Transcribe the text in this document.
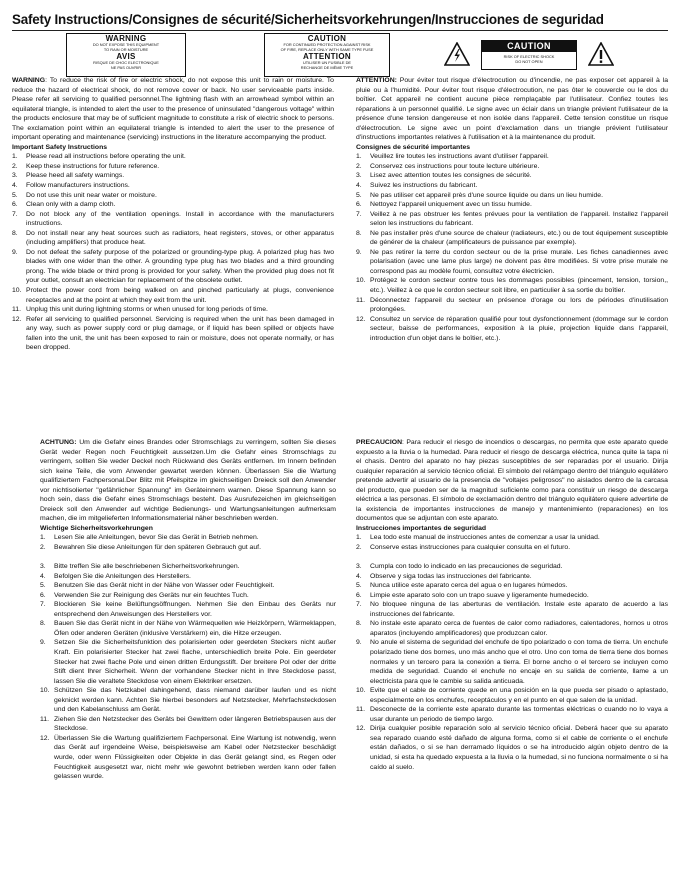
Safety Instructions/Consignes de sécurité/Sicherheitsvorkehrungen/Instrucciones de seguridad
WARNING
DO NOT EXPOSE THIS EQUIPMENT
TO RAIN OR MOISTURE
AVIS
RISQUE DE CHOC ELECTRONIQUE
NE PAS OUVRIR
CAUTION
FOR CONTINUED PROTECTION AGAINST RISK
OF FIRE, REPLACE ONLY WITH SAME TYPE FUSE
ATTENTION
UTILISER UN FUSIBLE DE
RECHANGE DE MÊME TYPE
CAUTION
RISK OF ELECTRIC SHOCK
DO NOT OPEN

WARNING: To reduce the risk of fire or electric shock, do not expose this unit to rain or moisture. To reduce the hazard of electrical shock, do not remove cover or back. No user serviceable parts inside. Please refer all servicing to qualified personnel.The lightning flash with an arrowhead symbol within an equilateral triangle, is intended to alert the user to the presence of uninsulated "dangerous voltage" within the products enclosure that may be of sufficient magnitude to constitute a risk of electric shock to persons. The exclamation point within an equilateral triangle is intended to alert the user to the presence of important operating and maintenance (servicing) instructions in the literature accompanying the product.

Important Safety Instructions

1. Please read all instructions before operating the unit.
2. Keep these instructions for future reference.
3. Please heed all safety warnings.
4. Follow manufacturers instructions.
5. Do not use this unit near water or moisture.
6. Clean only with a damp cloth.
7. Do not block any of the ventilation openings. Install in accordance with the manufacturers instructions.
8. Do not install near any heat sources such as radiators, heat registers, stoves, or other apparatus (including amplifiers) that produce heat.
9. Do not defeat the safety purpose of the polarized or grounding-type plug. A polarized plug has two blades with one wider than the other. A grounding type plug has two blades and a third grounding prong. The wide blade or third prong is provided for your safety. When the provided plug does not fit your outlet, consult an electrician for replacement of the obsolete outlet.
10. Protect the power cord from being walked on and pinched particularly at plugs, convenience receptacles and at the point at which they exit from the unit.
11. Unplug this unit during lightning storms or when unused for long periods of time.
12. Refer all servicing to qualified personnel. Servicing is required when the unit has been damaged in any way, such as power supply cord or plug damage, or if liquid has been spilled or objects have fallen into the unit, the unit has been exposed to rain or moisture, does not operate normally, or has been dropped.

ATTENTION: Pour éviter tout risque d'électrocution ou d'incendie, ne pas exposer cet appareil à la pluie ou à l'humidité. Pour éviter tout risque d'électrocution, ne pas ôter le couvercle ou le dos du boîtier. Cet appareil ne contient aucune pièce remplaçable par l'utilisateur. Confiez toutes les réparations à un personnel qualifié. Le signe avec un éclair dans un triangle prévient l'utilisateur de la présence d'une tension dangereuse et non isolée dans l'appareil. Cette tension constitue un risque d'électrocution. Le signe avec un point d'exclamation dans un triangle prévient l'utilisateur d'instructions importantes relatives à l'utilisation et à la maintenance du produit.

Consignes de sécurité importantes

1. Veuillez lire toutes les instructions avant d'utiliser l'appareil.
2. Conservez ces instructions pour toute lecture ultérieure.
3. Lisez avec attention toutes les consignes de sécurité.
4. Suivez les instructions du fabricant.
5. Ne pas utiliser cet appareil près d'une source liquide ou dans un lieu humide.
6. Nettoyez l'appareil uniquement avec un tissu humide.
7. Veillez à ne pas obstruer les fentes prévues pour la ventilation de l'appareil. Installez l'appareil selon les instructions du fabricant.
8. Ne pas installer près d'une source de chaleur (radiateurs, etc.) ou de tout équipement susceptible de générer de la chaleur (amplificateurs de puissance par exemple).
9. Ne pas retirer la terre du cordon secteur ou de la prise murale. Les fiches canadiennes avec polarisation (avec une lame plus large) ne doivent pas être modifiées. Si votre prise murale ne correspond pas au modèle fourni, consultez votre électricien.
10. Protégez le cordon secteur contre tous les dommages possibles (pincement, tension, torsion,, etc.). Veillez à ce que le cordon secteur soit libre, en particulier à sa sortie du boîtier.
11. Déconnectez l'appareil du secteur en présence d'orage ou lors de périodes d'inutilisation prolongées.
12. Consultez un service de réparation qualifié pour tout dysfonctionnement (dommage sur le cordon secteur, baisse de performances, exposition à la pluie, projection liquide dans l'appareil, introduction d'un objet dans le boîtier, etc.).

ACHTUNG: Um die Gefahr eines Brandes oder Stromschlags zu verringern, sollten Sie dieses Gerät weder Regen noch Feuchtigkeit aussetzen.Um die Gefahr eines Stromschlags zu verringern, sollten Sie weder Deckel noch Rückwand des Geräts entfernen. Im Innern befinden sich keine Teile, die vom Anwender gewartet werden können. Überlassen Sie die Wartung qualifiziertem Fachpersonal.Der Blitz mit Pfeilspitze im gleichseitigen Dreieck soll den Anwender vor nichtisolierter "gefährlicher Spannung" im Geräteinnern warnen. Diese Spannung kann so hoch sein, dass die Gefahr eines Stromschlags besteht. Das Ausrufezeichen im gleichseitigen Dreieck soll den Anwender auf wichtige Bedienungs- und Wartungsanleitungen aufmerksam machen, die im mitgelieferten Informationsmaterial näher beschrieben werden.

Wichtige Sicherheitsvorkehrungen

1. Lesen Sie alle Anleitungen, bevor Sie das Gerät in Betrieb nehmen.
2. Bewahren Sie diese Anleitungen für den späteren Gebrauch gut auf.
3. Bitte treffen Sie alle beschriebenen Sicherheitsvorkehrungen.
4. Befolgen Sie die Anleitungen des Herstellers.
5. Benutzen Sie das Gerät nicht in der Nähe von Wasser oder Feuchtigkeit.
6. Verwenden Sie zur Reinigung des Geräts nur ein feuchtes Tuch.
7. Blockieren Sie keine Belüftungsöffnungen. Nehmen Sie den Einbau des Geräts nur entsprechend den Anweisungen des Herstellers vor.
8. Bauen Sie das Gerät nicht in der Nähe von Wärmequellen wie Heizkörpern, Wärmeklappen, Öfen oder anderen Geräten (inklusive Verstärkern) ein, die Hitze erzeugen.
9. Setzen Sie die Sicherheitsfunktion des polarisierten oder geerdeten Steckers nicht außer Kraft. Ein polarisierter Stecker hat zwei flache, unterschiedlich breite Pole. Ein geerdeter Stecker hat zwei flache Pole und einen dritten Erdungsstift. Der breitere Pol oder der dritte Stift dient Ihrer Sicherheit. Wenn der vorhandene Stecker nicht in Ihre Steckdose passt, lassen Sie die veraltete Steckdose von einem Elektriker ersetzen.
10. Schützen Sie das Netzkabel dahingehend, dass niemand darüber laufen und es nicht geknickt werden kann. Achten Sie hierbei besonders auf Netzstecker, Mehrfachsteckdosen und den Kabelanschluss am Gerät.
11. Ziehen Sie den Netzstecker des Geräts bei Gewittern oder längeren Betriebspausen aus der Steckdose.
12. Überlassen Sie die Wartung qualifiziertem Fachpersonal. Eine Wartung ist notwendig, wenn das Gerät auf irgendeine Weise, beispielsweise am Kabel oder Netzstecker beschädigt wurde, oder wenn Flüssigkeiten oder Objekte in das Gerät gelangt sind, es Regen oder Feuchtigkeit ausgesetzt war, nicht mehr wie gewohnt betrieben werden kann oder fallen gelassen wurde.

PRECAUCION: Para reducir el riesgo de incendios o descargas, no permita que este aparato quede expuesto a la lluvia o la humedad. Para reducir el riesgo de descarga eléctrica, nunca quite la tapa ni el chasis. Dentro del aparato no hay piezas susceptibles de ser reparadas por el usuario. Dirija cualquier reparación al servicio técnico oficial. El símbolo del relámpago dentro del triángulo equilátero pretende advertir al usuario de la presencia de "voltajes peligrosos" no aislados dentro de la carcasa del producto, que pueden ser de la magnitud suficiente como para constituir un riesgo de descarga eléctrica a las personas. El símbolo de exclamación dentro del triángulo equilátero quiere advertirle de la existencia de importantes instrucciones de manejo y mantenimiento (reparaciones) en los documentos que se adjuntan con este aparato.

Instrucciones importantes de seguridad

1. Lea todo este manual de instrucciones antes de comenzar a usar la unidad.
2. Conserve estas instrucciones para cualquier consulta en el futuro.
3. Cumpla con todo lo indicado en las precauciones de seguridad.
4. Observe y siga todas las instrucciones del fabricante.
5. Nunca utilice este aparato cerca del agua o en lugares húmedos.
6. Limpie este aparato solo con un trapo suave y ligeramente humedecido.
7. No bloquee ninguna de las aberturas de ventilación. Instale este aparato de acuerdo a las instrucciones del fabricante.
8. No instale este aparato cerca de fuentes de calor como radiadores, calentadores, hornos u otros aparatos (incluyendo amplificadores) que produzcan calor.
9. No anule el sistema de seguridad del enchufe de tipo polarizado o con toma de tierra. Un enchufe polarizado tiene dos bornes, uno más ancho que el otro. Uno con toma de tierra tiene dos bornes normales y un tercero para la conexión a tierra. El borne ancho o el tercero se incluyen como medida de seguridad. Cuando el enchufe no encaje en su salida de corriente, llame a un electricista para que le cambie su salida anticuada.
10. Evite que el cable de corriente quede en una posición en la que pueda ser pisado o aplastado, especialmente en los enchufes, receptáculos y en el punto en el que salen de la unidad.
11. Desconecte de la corriente este aparato durante las tormentas eléctricas o cuando no lo vaya a usar durante un periodo de tiempo largo.
12. Dirija cualquier posible reparación solo al servicio técnico oficial. Deberá hacer que su aparato sea reparado cuando esté dañado de alguna forma, como si el cable de corriente o el enchufe están dañados, o si se han derramado líquidos o se ha introducido algún objeto dentro de la unidad, si esta ha quedado expuesta a la lluvia o la humedad, si no funciona normalmente o si ha caído al suelo.
